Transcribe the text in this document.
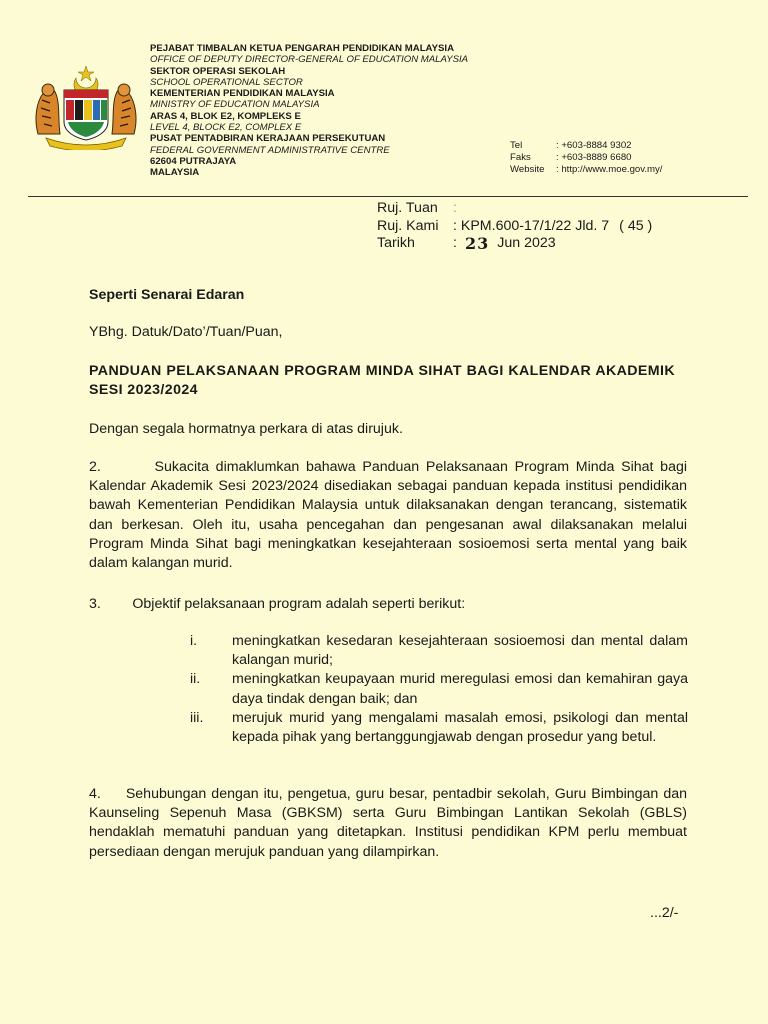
PEJABAT TIMBALAN KETUA PENGARAH PENDIDIKAN MALAYSIA
OFFICE OF DEPUTY DIRECTOR-GENERAL OF EDUCATION MALAYSIA
SEKTOR OPERASI SEKOLAH
SCHOOL OPERATIONAL SECTOR
KEMENTERIAN PENDIDIKAN MALAYSIA
MINISTRY OF EDUCATION MALAYSIA
ARAS 4, BLOK E2, KOMPLEKS E
LEVEL 4, BLOCK E2, COMPLEX E
PUSAT PENTADBIRAN KERAJAAN PERSEKUTUAN
FEDERAL GOVERNMENT ADMINISTRATIVE CENTRE
62604 PUTRAJAYA
MALAYSIA
Tel	: +603-8884 9302
Faks	: +603-8889 6680
Website	: http://www.moe.gov.my/
Ruj. Tuan	:
Ruj. Kami	: KPM.600-17/1/22 Jld. 7 ( 45 )
Tarikh	: 23 Jun 2023
Seperti Senarai Edaran
YBhg. Datuk/Dato’/Tuan/Puan,
PANDUAN PELAKSANAAN PROGRAM MINDA SIHAT BAGI KALENDAR AKADEMIK SESI 2023/2024
Dengan segala hormatnya perkara di atas dirujuk.
2.        Sukacita dimaklumkan bahawa Panduan Pelaksanaan Program Minda Sihat bagi Kalendar Akademik Sesi 2023/2024 disediakan sebagai panduan kepada institusi pendidikan bawah Kementerian Pendidikan Malaysia untuk dilaksanakan dengan terancang, sistematik dan berkesan. Oleh itu, usaha pencegahan dan pengesanan awal dilaksanakan melalui Program Minda Sihat bagi meningkatkan kesejahteraan sosioemosi serta mental yang baik dalam kalangan murid.
3.        Objektif pelaksanaan program adalah seperti berikut:
i.	meningkatkan kesedaran kesejahteraan sosioemosi dan mental dalam kalangan murid;
ii.	meningkatkan keupayaan murid meregulasi emosi dan kemahiran gaya daya tindak dengan baik; dan
iii.	merujuk murid yang mengalami masalah emosi, psikologi dan mental kepada pihak yang bertanggungjawab dengan prosedur yang betul.
4.     Sehubungan dengan itu, pengetua, guru besar, pentadbir sekolah, Guru Bimbingan dan Kaunseling Sepenuh Masa (GBKSM) serta Guru Bimbingan Lantikan Sekolah (GBLS) hendaklah mematuhi panduan yang ditetapkan. Institusi pendidikan KPM perlu membuat persediaan dengan merujuk panduan yang dilampirkan.
...2/-
